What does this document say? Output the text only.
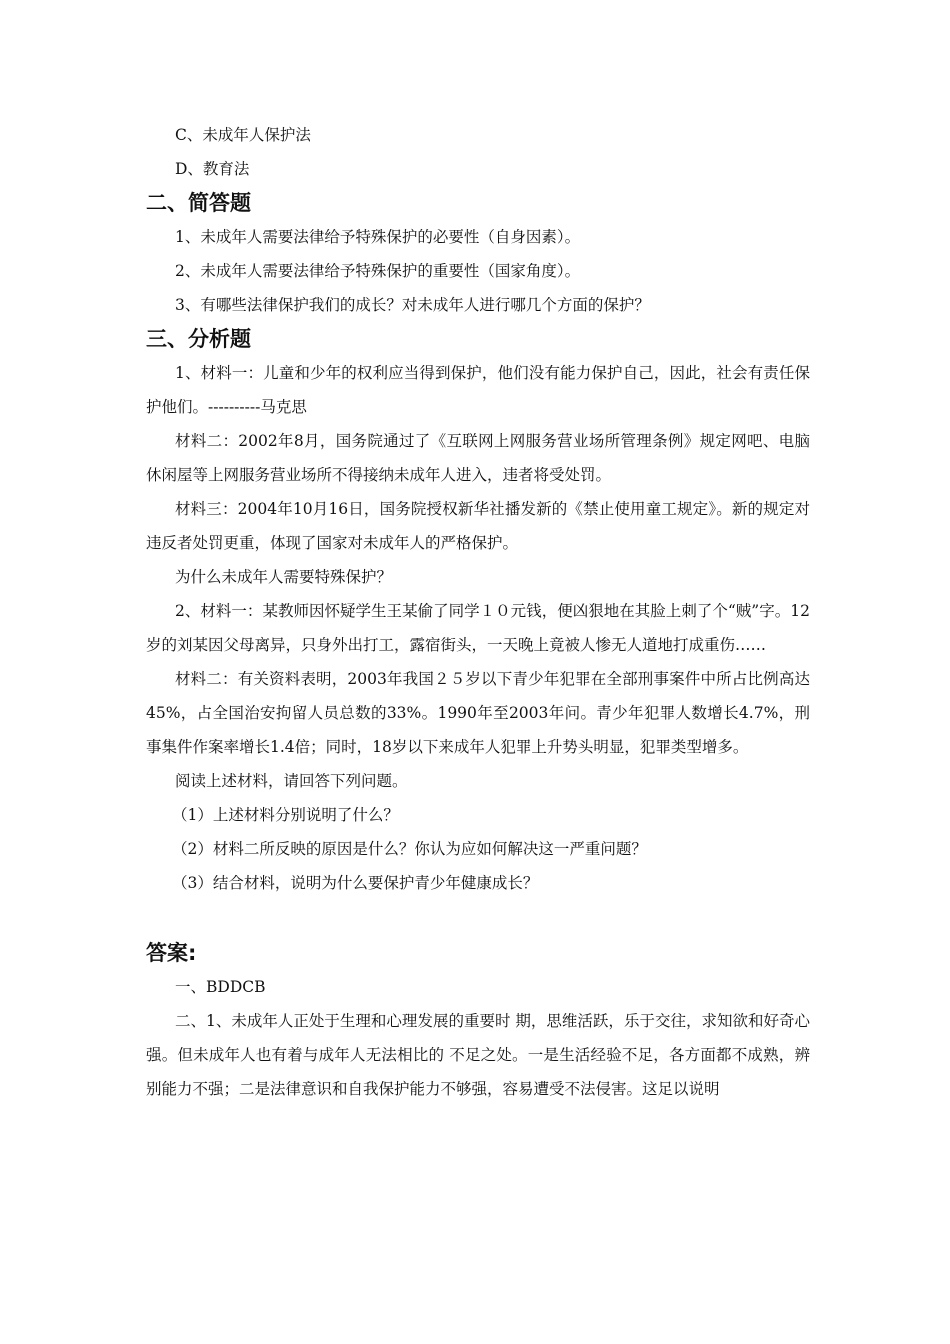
C、未成年人保护法
D、教育法
二、简答题
1、未成年人需要法律给予特殊保护的必要性（自身因素）。
2、未成年人需要法律给予特殊保护的重要性（国家角度）。
3、有哪些法律保护我们的成长？对未成年人进行哪几个方面的保护？
三、分析题
1、材料一：儿童和少年的权利应当得到保护，他们没有能力保护自己，因此，社会有责任保护他们。----------马克思
材料二：2002年8月，国务院通过了《互联网上网服务营业场所管理条例》规定网吧、电脑休闲屋等上网服务营业场所不得接纳未成年人进入，违者将受处罚。
材料三：2004年10月16日，国务院授权新华社播发新的《禁止使用童工规定》。新的规定对违反者处罚更重，体现了国家对未成年人的严格保护。
为什么未成年人需要特殊保护？
2、材料一：某教师因怀疑学生王某偷了同学１０元钱，便凶狠地在其脸上刺了个“贼”字。12岁的刘某因父母离异，只身外出打工，露宿街头，一天晚上竟被人惨无人道地打成重伤……
材料二：有关资料表明，2003年我国２５岁以下青少年犯罪在全部刑事案件中所占比例高达45%，占全国治安拘留人员总数的33%。1990年至2003年问。青少年犯罪人数增长4.7%，刑事集件作案率增长1.4倍；同时，18岁以下来成年人犯罪上升势头明显，犯罪类型增多。
阅读上述材料，请回答下列问题。
（1）上述材料分别说明了什么？
（2）材料二所反映的原因是什么？你认为应如何解决这一严重问题？
（3）结合材料，说明为什么要保护青少年健康成长？
答案:
一、BDDCB
二、1、未成年人正处于生理和心理发展的重要时 期，思维活跃，乐于交往，求知欲和好奇心强。但未成年人也有着与成年人无法相比的 不足之处。一是生活经验不足，各方面都不成熟，辨别能力不强；二是法律意识和自我保护能力不够强，容易遭受不法侵害。这足以说明
